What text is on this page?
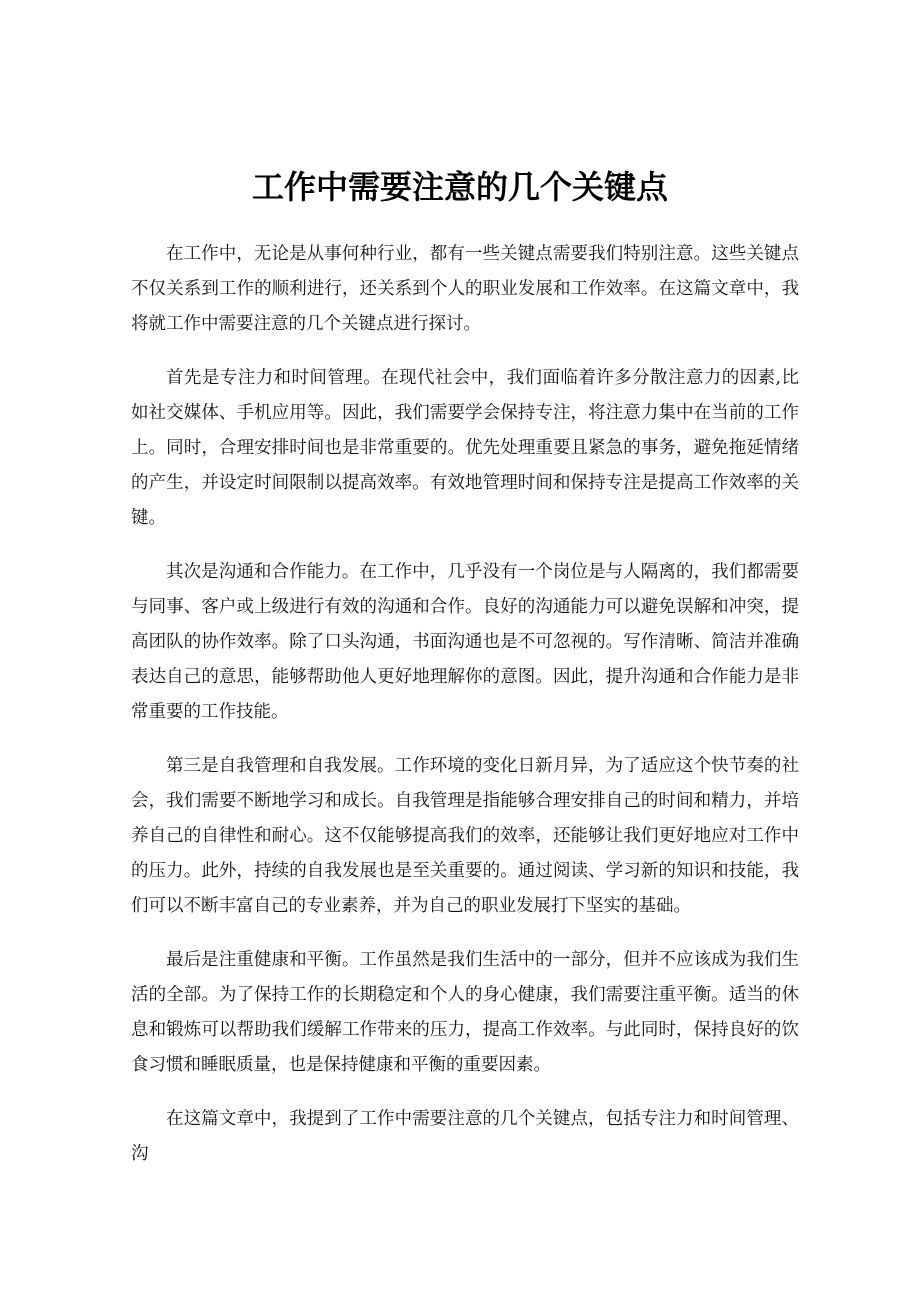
工作中需要注意的几个关键点

在工作中，无论是从事何种行业，都有一些关键点需要我们特别注意。这些关键点不仅关系到工作的顺利进行，还关系到个人的职业发展和工作效率。在这篇文章中，我将就工作中需要注意的几个关键点进行探讨。

首先是专注力和时间管理。在现代社会中，我们面临着许多分散注意力的因素,比如社交媒体、手机应用等。因此，我们需要学会保持专注，将注意力集中在当前的工作上。同时，合理安排时间也是非常重要的。优先处理重要且紧急的事务，避免拖延情绪的产生，并设定时间限制以提高效率。有效地管理时间和保持专注是提高工作效率的关键。

其次是沟通和合作能力。在工作中，几乎没有一个岗位是与人隔离的，我们都需要与同事、客户或上级进行有效的沟通和合作。良好的沟通能力可以避免误解和冲突，提高团队的协作效率。除了口头沟通，书面沟通也是不可忽视的。写作清晰、简洁并准确表达自己的意思，能够帮助他人更好地理解你的意图。因此，提升沟通和合作能力是非常重要的工作技能。

第三是自我管理和自我发展。工作环境的变化日新月异，为了适应这个快节奏的社会，我们需要不断地学习和成长。自我管理是指能够合理安排自己的时间和精力，并培养自己的自律性和耐心。这不仅能够提高我们的效率，还能够让我们更好地应对工作中的压力。此外，持续的自我发展也是至关重要的。通过阅读、学习新的知识和技能，我们可以不断丰富自己的专业素养，并为自己的职业发展打下坚实的基础。

最后是注重健康和平衡。工作虽然是我们生活中的一部分，但并不应该成为我们生活的全部。为了保持工作的长期稳定和个人的身心健康，我们需要注重平衡。适当的休息和锻炼可以帮助我们缓解工作带来的压力，提高工作效率。与此同时，保持良好的饮食习惯和睡眠质量，也是保持健康和平衡的重要因素。

在这篇文章中，我提到了工作中需要注意的几个关键点，包括专注力和时间管理、沟
